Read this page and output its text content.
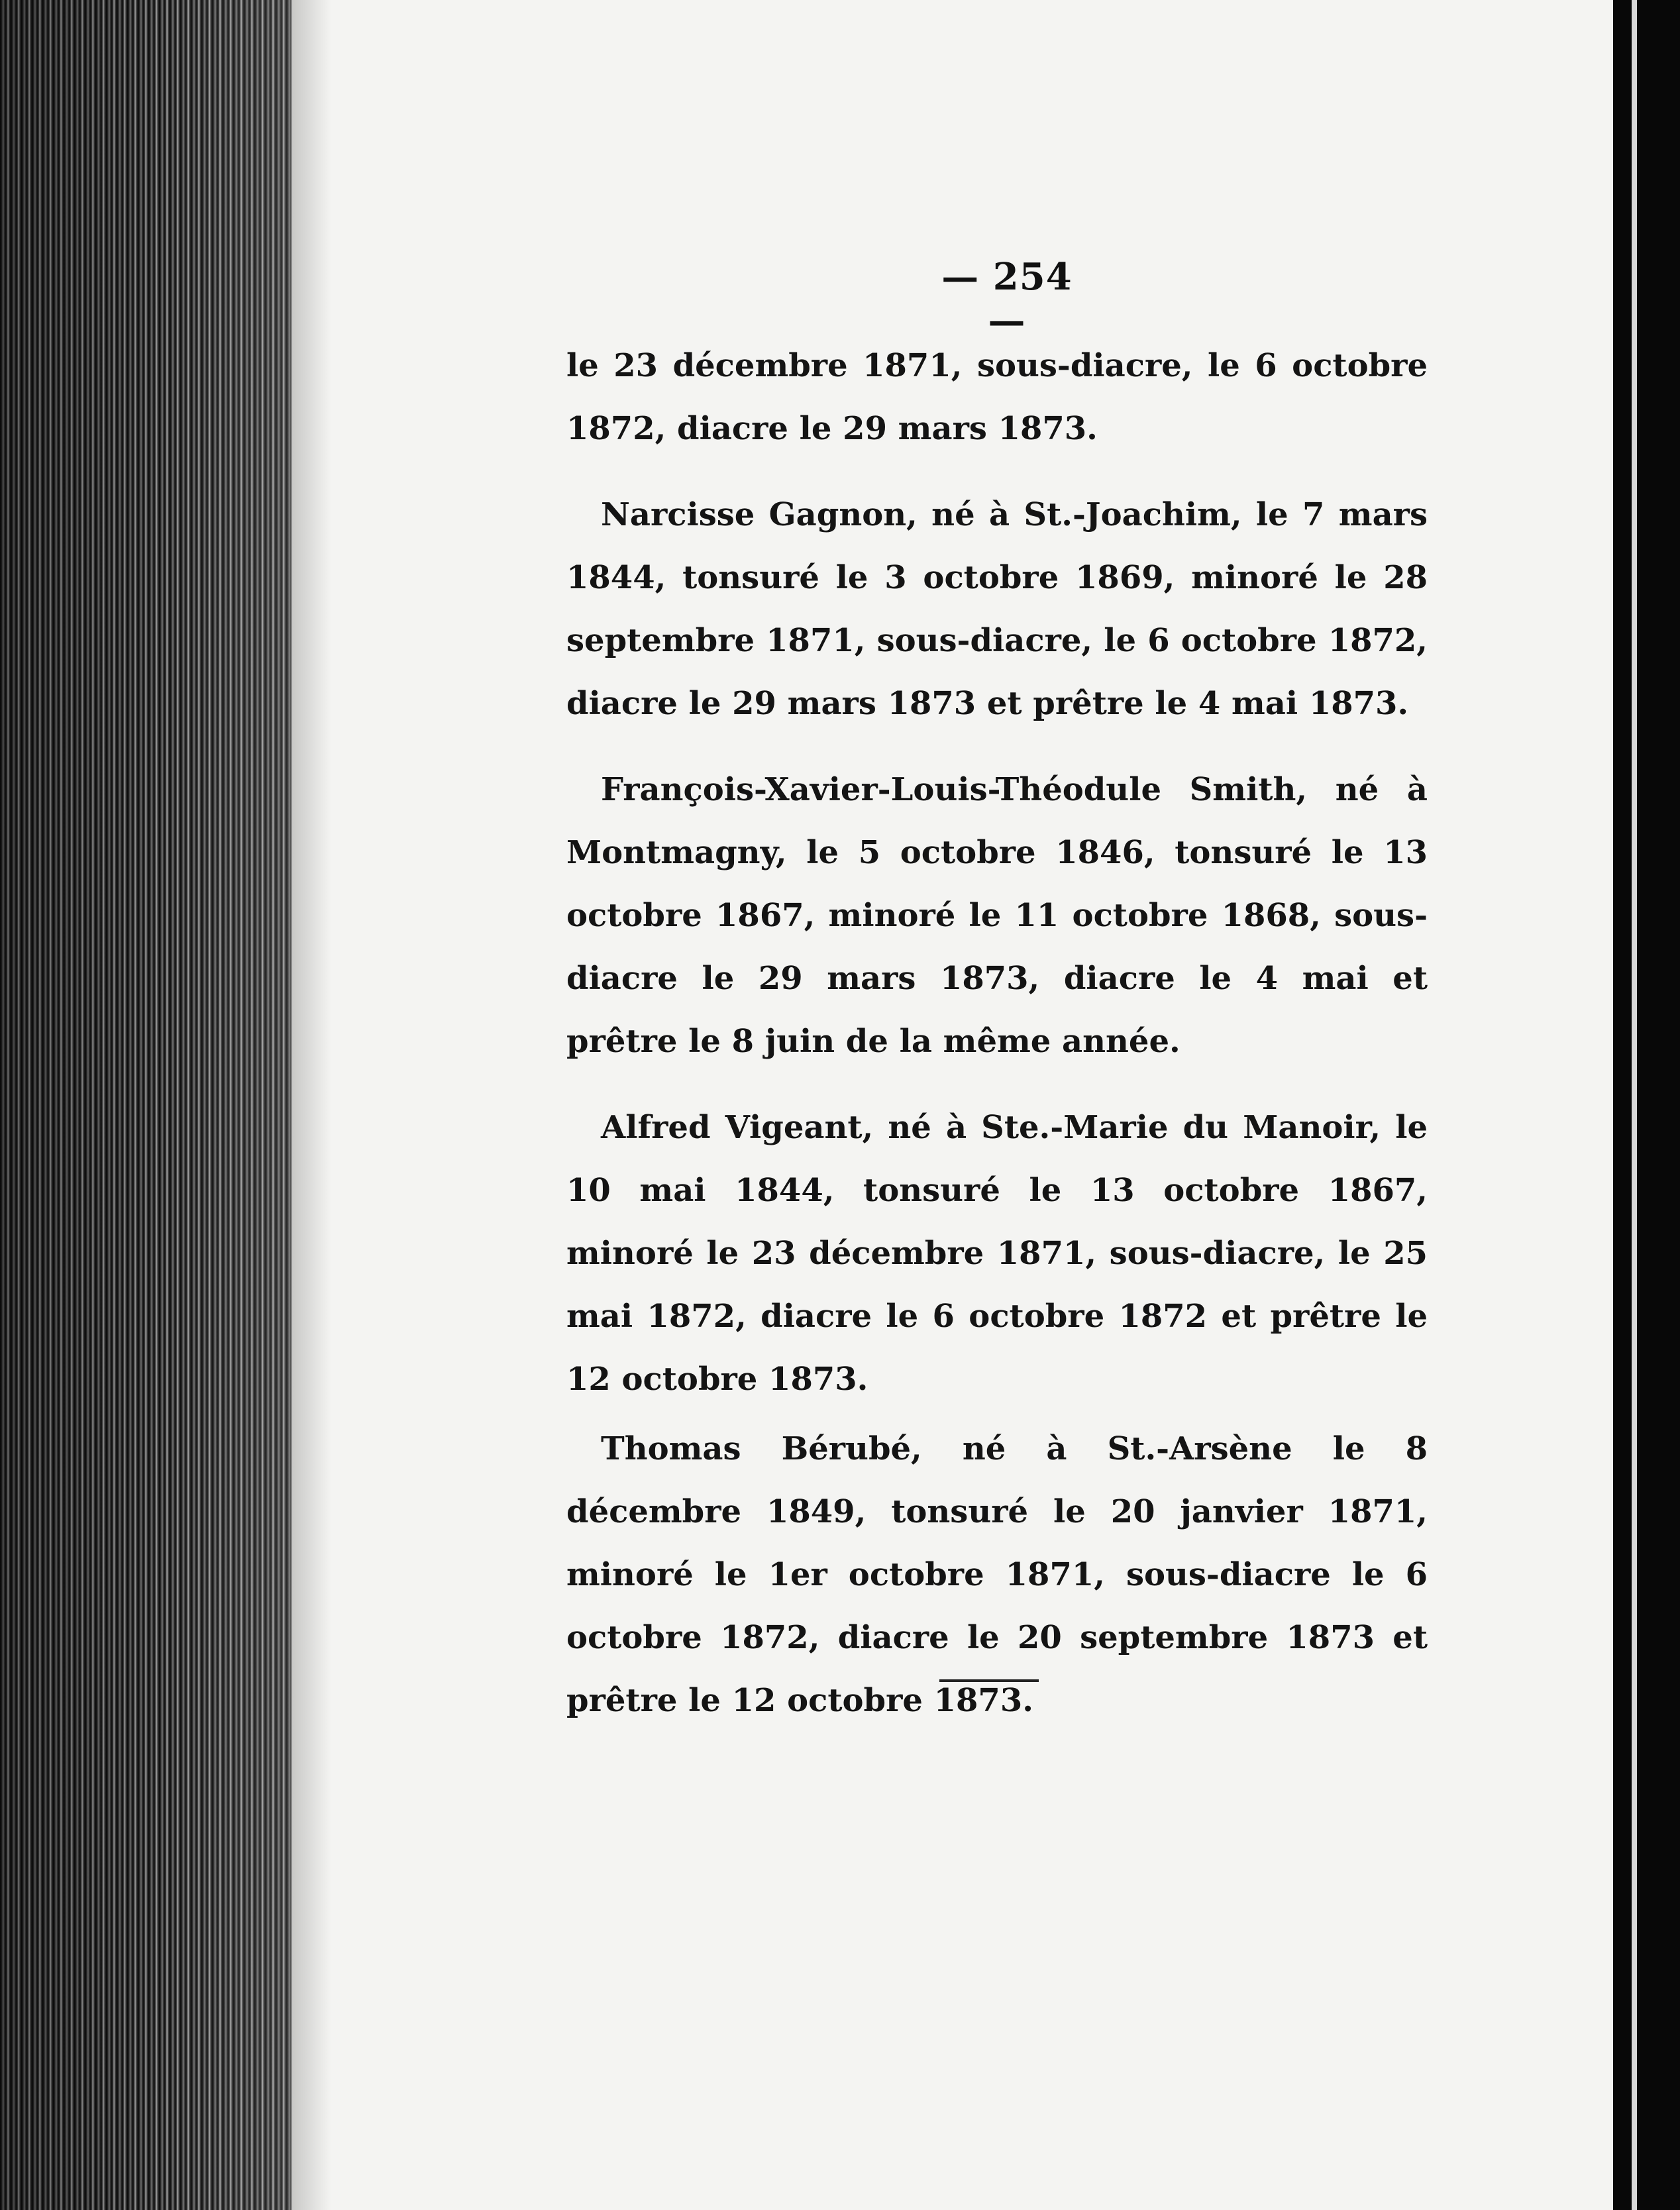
— 254 —

le 23 décembre 1871, sous-diacre, le 6 octobre 1872, diacre le 29 mars 1873.

Narcisse Gagnon, né à St.-Joachim, le 7 mars 1844, tonsuré le 3 octobre 1869, minoré le 28 septembre 1871, sous-diacre, le 6 octobre 1872, diacre le 29 mars 1873 et prêtre le 4 mai 1873.

François-Xavier-Louis-Théodule Smith, né à Montmagny, le 5 octobre 1846, tonsuré le 13 octobre 1867, minoré le 11 octobre 1868, sous-diacre le 29 mars 1873, diacre le 4 mai et prêtre le 8 juin de la même année.

Alfred Vigeant, né à Ste.-Marie du Manoir, le 10 mai 1844, tonsuré le 13 octobre 1867, minoré le 23 décembre 1871, sous-diacre, le 25 mai 1872, diacre le 6 octobre 1872 et prêtre le 12 octobre 1873.

Thomas Bérubé, né à St.-Arsène le 8 décembre 1849, tonsuré le 20 janvier 1871, minoré le 1er octobre 1871, sous-diacre le 6 octobre 1872, diacre le 20 septembre 1873 et prêtre le 12 octobre 1873.
